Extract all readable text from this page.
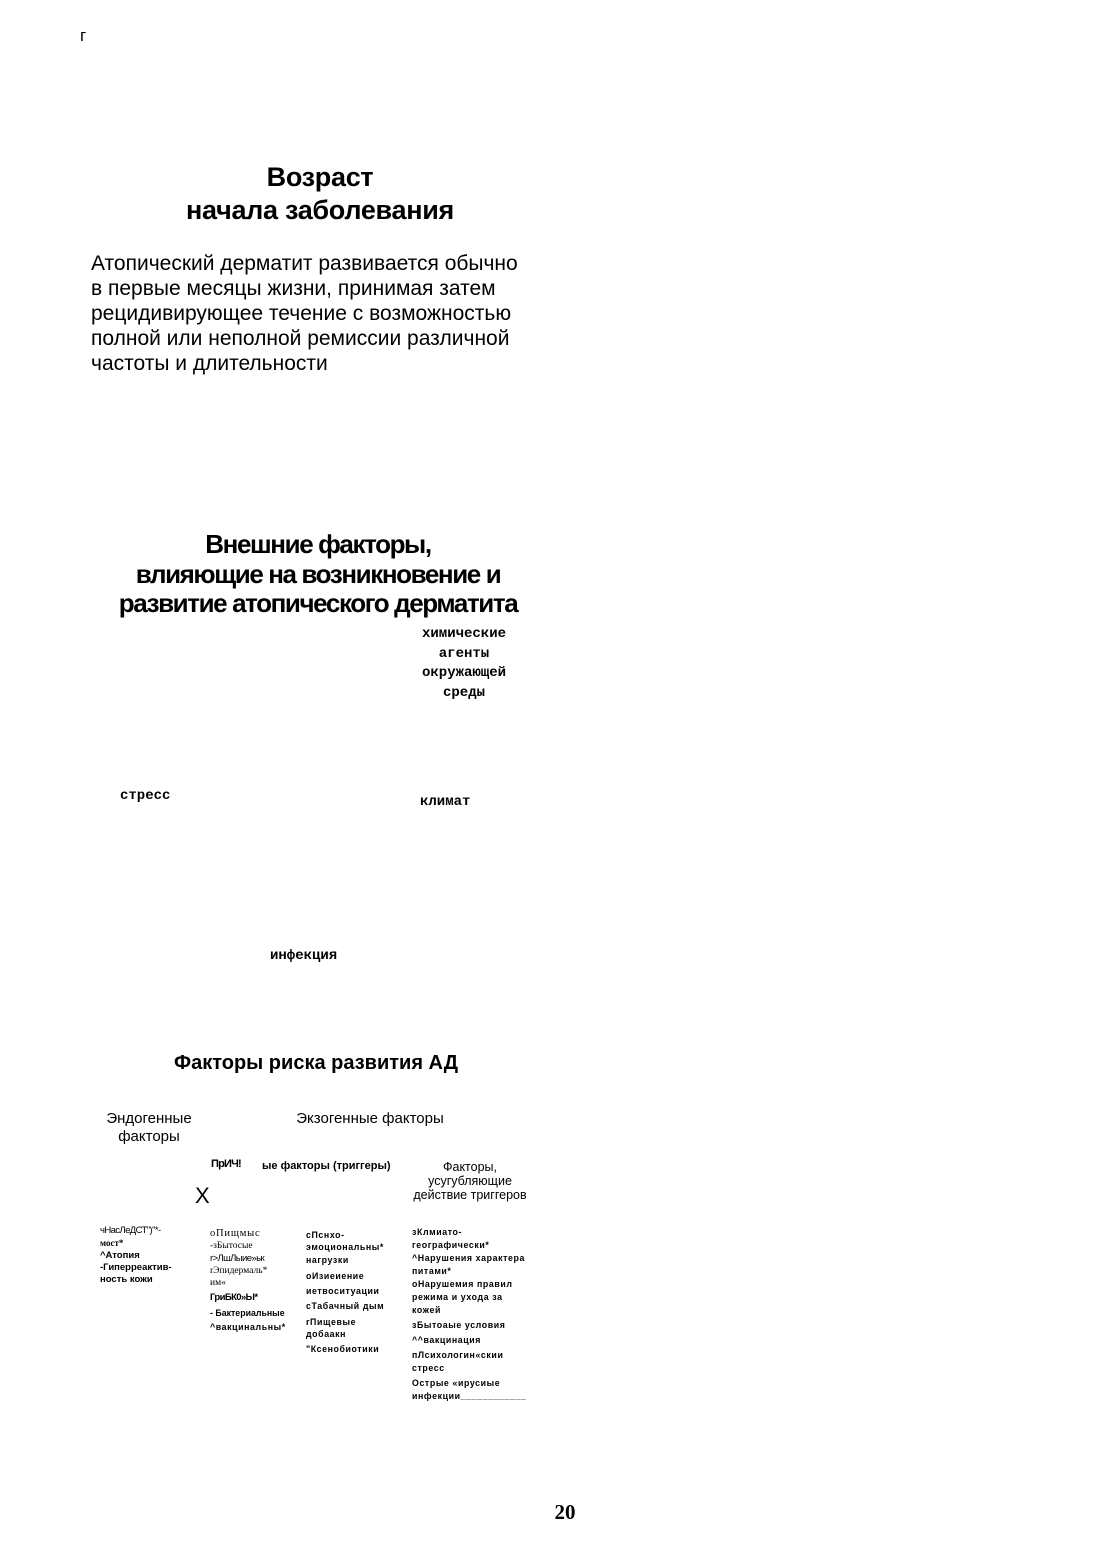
г
Возраст
начала заболевания
Атопический дерматит развивается обычно
в первые месяцы жизни, принимая затем
рецидивирующее течение с возможностью
полной или неполной ремиссии различной
частоты и длительности
Внешние факторы,
влияющие на возникновение и
развитие атопического дерматита
химические
агенты
окружающей
среды
стресс	климат
инфекция
Факторы риска развития АД
Эндогенные
факторы
Экзогенные факторы
ПрИЧ! ые факторы (триггеры)	Факторы,
усугубляющие
действие триггеров
X
чНасЛеДСТ")"*-
мост*
^Атопия
-Гиперреактив-
ность кожи
оПищмыс
-зБытосые
r>ЛшЛыие»ьк
rЭпидермаль*
им«
ГриБК0»Ы*
- Бактериальные
^вакцинальны*
сПснхо-
эмоциональны*
нагрузки
оИзиеиение
иетвоситуации
сТабачный дым
rПищевые
добаакн
"Ксенобиотики
зКлмиато-
географически*
^Нарушения характера
питами*
оНарушемия правил
режима и ухода за
кожей
зБытоаые условия
^^вакцинация
пЛсихологин«скии
стресс
Острые «ирусиые
инфекции____________
20
